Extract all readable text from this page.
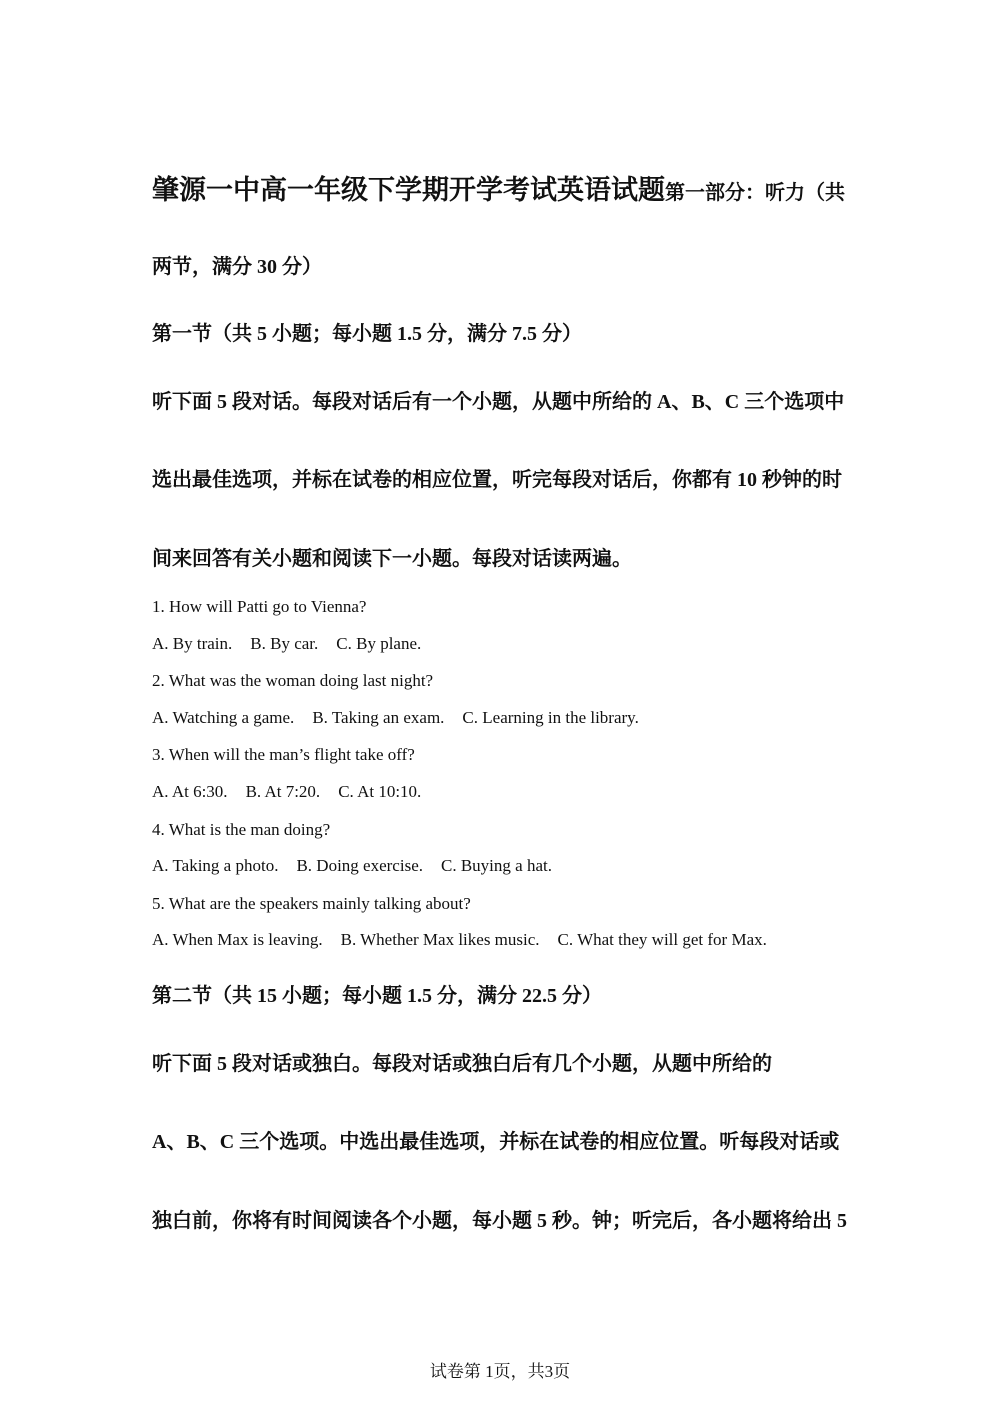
肇源一中高一年级下学期开学考试英语试题第一部分：听力（共
两节，满分 30 分）
第一节（共 5 小题；每小题 1.5 分，满分 7.5 分）
听下面 5 段对话。每段对话后有一个小题，从题中所给的 A、B、C 三个选项中
选出最佳选项，并标在试卷的相应位置，听完每段对话后，你都有 10 秒钟的时
间来回答有关小题和阅读下一小题。每段对话读两遍。
1. How will Patti go to Vienna?
A. By train. B. By car. C. By plane.
2. What was the woman doing last night?
A. Watching a game. B. Taking an exam. C. Learning in the library.
3. When will the man’s flight take off?
A. At 6:30. B. At 7:20. C. At 10:10.
4. What is the man doing?
A. Taking a photo. B. Doing exercise. C. Buying a hat.
5. What are the speakers mainly talking about?
A. When Max is leaving. B. Whether Max likes music. C. What they will get for Max.
第二节（共 15 小题；每小题 1.5 分，满分 22.5 分）
听下面 5 段对话或独白。每段对话或独白后有几个小题，从题中所给的
A、B、C 三个选项。中选出最佳选项，并标在试卷的相应位置。听每段对话或
独白前，你将有时间阅读各个小题，每小题 5 秒。钟；听完后，各小题将给出 5
试卷第 1页，共3页
